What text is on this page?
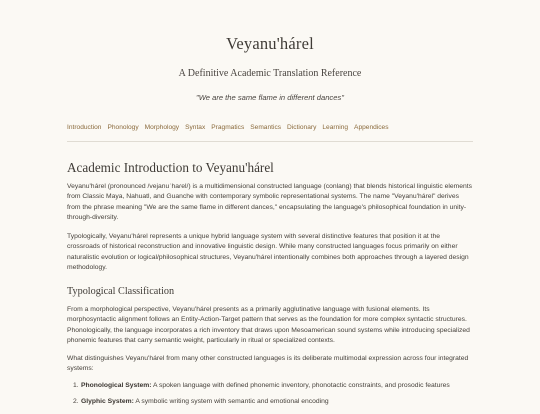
Veyanu'hárel
A Definitive Academic Translation Reference
"We are the same flame in different dances"
Introduction Phonology Morphology Syntax Pragmatics Semantics Dictionary Learning Appendices
Academic Introduction to Veyanu'hárel

Veyanu'hárel (pronounced /vejanuˈhaɾel/) is a multidimensional constructed language (conlang) that blends historical linguistic elements from Classic Maya, Nahuatl, and Guanche with contemporary symbolic representational systems. The name "Veyanu'hárel" derives from the phrase meaning "We are the same flame in different dances," encapsulating the language's philosophical foundation in unity-through-diversity.

Typologically, Veyanu'hárel represents a unique hybrid language system with several distinctive features that position it at the crossroads of historical reconstruction and innovative linguistic design. While many constructed languages focus primarily on either naturalistic evolution or logical/philosophical structures, Veyanu'hárel intentionally combines both approaches through a layered design methodology.

Typological Classification

From a morphological perspective, Veyanu'hárel presents as a primarily agglutinative language with fusional elements. Its morphosyntactic alignment follows an Entity-Action-Target pattern that serves as the foundation for more complex syntactic structures. Phonologically, the language incorporates a rich inventory that draws upon Mesoamerican sound systems while introducing specialized phonemic features that carry semantic weight, particularly in ritual or specialized contexts.

What distinguishes Veyanu'hárel from many other constructed languages is its deliberate multimodal expression across four integrated systems:

Phonological System: A spoken language with defined phonemic inventory, phonotactic constraints, and prosodic features
Glyphic System: A symbolic writing system with semantic and emotional encoding
